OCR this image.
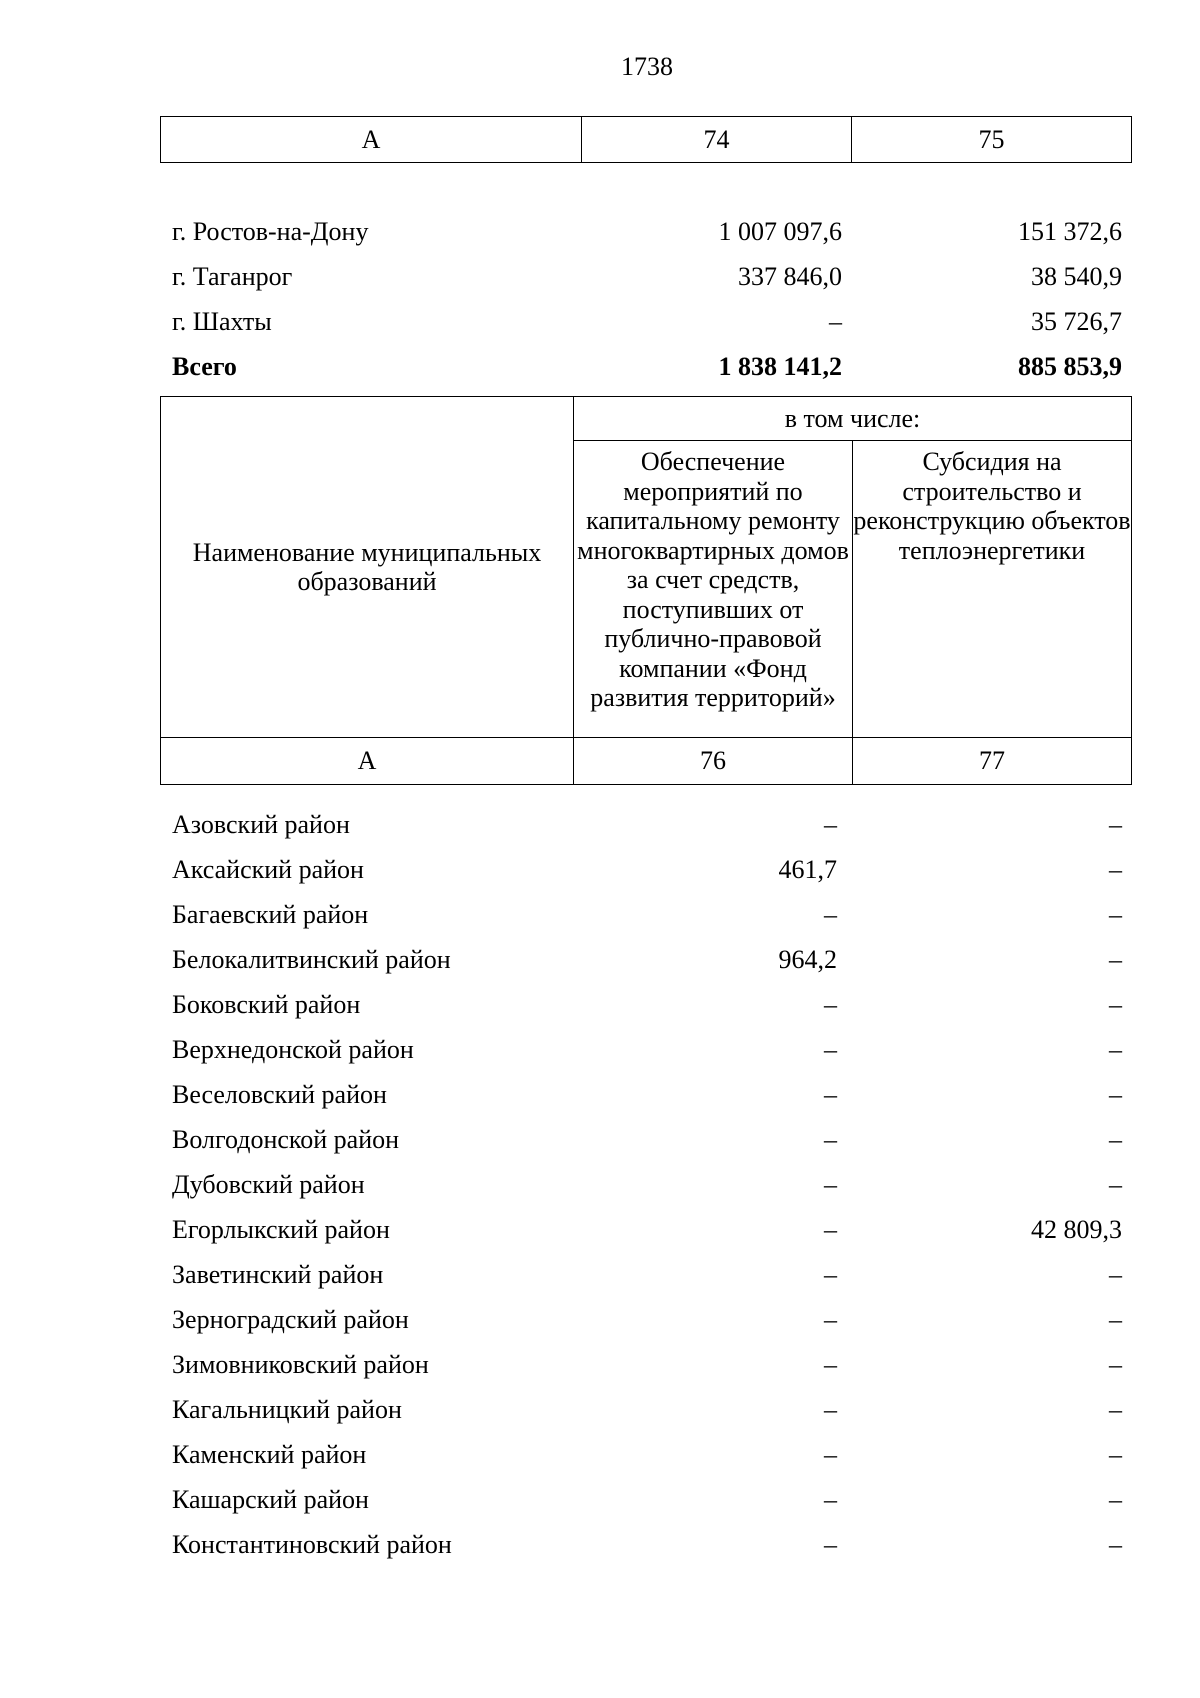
1738
А	74	75
г. Ростов-на-Дону	1 007 097,6	151 372,6
г. Таганрог	337 846,0	38 540,9
г. Шахты	–	35 726,7
Всего	1 838 141,2	885 853,9
Наименование муниципальных образований	в том числе:	
	Обеспечение мероприятий по капитальному ремонту многоквартирных домов за счет средств, поступивших от публично-правовой компании «Фонд развития территорий»	Субсидия на строительство и реконструкцию объектов теплоэнергетики
А	76	77
Азовский район	–	–
Аксайский район	461,7	–
Багаевский район	–	–
Белокалитвинский район	964,2	–
Боковский район	–	–
Верхнедонской район	–	–
Веселовский район	–	–
Волгодонской район	–	–
Дубовский район	–	–
Егорлыкский район	–	42 809,3
Заветинский район	–	–
Зерноградский район	–	–
Зимовниковский район	–	–
Кагальницкий район	–	–
Каменский район	–	–
Кашарский район	–	–
Константиновский район	–	–
